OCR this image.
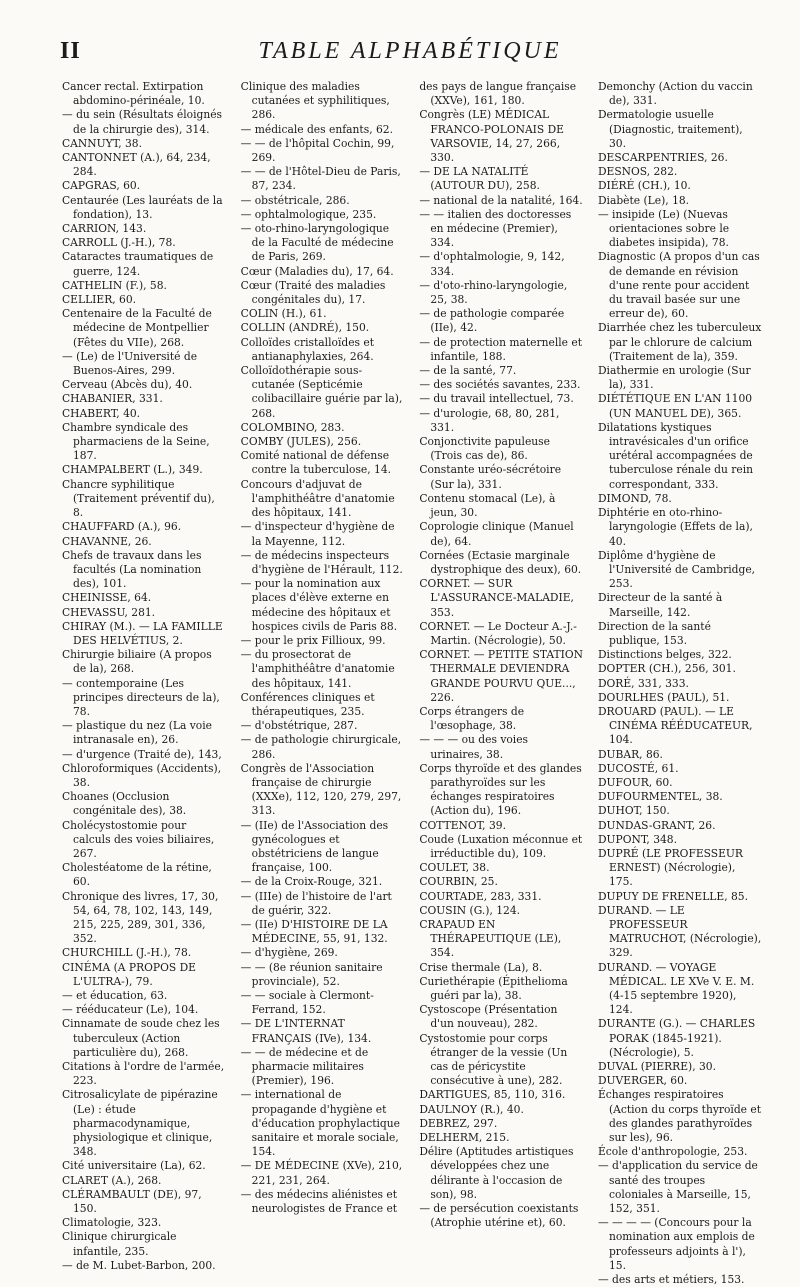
II	TABLE ALPHABÉTIQUE
Cancer rectal. Extirpation abdomino-périnéale, 10.
— du sein (Résultats éloignés de la chirurgie des), 314.
CANNUYT, 38.
CANTONNET (A.), 64, 234, 284.
CAPGRAS, 60.
Centaurée (Les lauréats de la fondation), 13.
CARRION, 143.
CARROLL (J.-H.), 78.
Cataractes traumatiques de guerre, 124.
CATHELIN (F.), 58.
CELLIER, 60.
Centenaire de la Faculté de médecine de Montpellier (Fêtes du VIIe), 268.
— (Le) de l'Université de Buenos-Aires, 299.
Cerveau (Abcès du), 40.
CHABANIER, 331.
CHABERT, 40.
Chambre syndicale des pharmaciens de la Seine, 187.
CHAMPALBERT (L.), 349.
Chancre syphilitique (Traitement préventif du), 8.
CHAUFFARD (A.), 96.
CHAVANNE, 26.
Chefs de travaux dans les facultés (La nomination des), 101.
CHEINISSE, 64.
CHEVASSU, 281.
CHIRAY (M.). — LA FAMILLE DES HELVÉTIUS, 2.
Chirurgie biliaire (A propos de la), 268.
— contemporaine (Les principes directeurs de la), 78.
— plastique du nez (La voie intranasale en), 26.
— d'urgence (Traité de), 143,
Chloroformiques (Accidents), 38.
Choanes (Occlusion congénitale des), 38.
Cholécystostomie pour calculs des voies biliaires, 267.
Cholestéatome de la rétine, 60.
Chronique des livres, 17, 30, 54, 64, 78, 102, 143, 149, 215, 225, 289, 301, 336, 352.
CHURCHILL (J.-H.), 78.
CINÉMA (A PROPOS DE L'ULTRA-), 79.
— et éducation, 63.
— rééducateur (Le), 104.
Cinnamate de soude chez les tuberculeux (Action particulière du), 268.
Citations à l'ordre de l'armée, 223.
Citrosalicylate de pipérazine (Le) : étude pharmacodynamique, physiologique et clinique, 348.
Cité universitaire (La), 62.
CLARET (A.), 268.
CLÉRAMBAULT (DE), 97, 150.
Climatologie, 323.
Clinique chirurgicale infantile, 235.
— de M. Lubet-Barbon, 200.
Clinique des maladies cutanées et syphilitiques, 286.
— médicale des enfants, 62.
— — de l'hôpital Cochin, 99, 269.
— — de l'Hôtel-Dieu de Paris, 87, 234.
— obstétricale, 286.
— ophtalmologique, 235.
— oto-rhino-laryngologique de la Faculté de médecine de Paris, 269.
Cœur (Maladies du), 17, 64.
Cœur (Traité des maladies congénitales du), 17.
COLIN (H.), 61.
COLLIN (ANDRÉ), 150.
Colloïdes cristalloïdes et antianaphylaxies, 264.
Colloïdothérapie sous-cutanée (Septicémie colibacillaire guérie par la), 268.
COLOMBINO, 283.
COMBY (JULES), 256.
Comité national de défense contre la tuberculose, 14.
Concours d'adjuvat de l'amphithéâtre d'anatomie des hôpitaux, 141.
— d'inspecteur d'hygiène de la Mayenne, 112.
— de médecins inspecteurs d'hygiène de l'Hérault, 112.
— pour la nomination aux places d'élève externe en médecine des hôpitaux et hospices civils de Paris 88.
— pour le prix Fillioux, 99.
— du prosectorat de l'amphithéâtre d'anatomie des hôpitaux, 141.
Conférences cliniques et thérapeutiques, 235.
— d'obstétrique, 287.
— de pathologie chirurgicale, 286.
Congrès de l'Association française de chirurgie (XXXe), 112, 120, 279, 297, 313.
— (IIe) de l'Association des gynécologues et obstétriciens de langue française, 100.
— de la Croix-Rouge, 321.
— (IIIe) de l'histoire de l'art de guérir, 322.
— (IIe) D'HISTOIRE DE LA MÉDECINE, 55, 91, 132.
— d'hygiène, 269.
— — (8e réunion sanitaire provinciale), 52.
— — sociale à Clermont-Ferrand, 152.
— DE L'INTERNAT FRANÇAIS (IVe), 134.
— — de médecine et de pharmacie militaires (Premier), 196.
— international de propagande d'hygiène et d'éducation prophylactique sanitaire et morale sociale, 154.
— DE MÉDECINE (XVe), 210, 221, 231, 264.
— des médecins aliénistes et neurologistes de France et
des pays de langue française (XXVe), 161, 180.
Congrès (LE) MÉDICAL FRANCO-POLONAIS DE VARSOVIE, 14, 27, 266, 330.
— DE LA NATALITÉ (AUTOUR DU), 258.
— national de la natalité, 164.
— — italien des doctoresses en médecine (Premier), 334.
— d'ophtalmologie, 9, 142, 334.
— d'oto-rhino-laryngologie, 25, 38.
— de pathologie comparée (IIe), 42.
— de protection maternelle et infantile, 188.
— de la santé, 77.
— des sociétés savantes, 233.
— du travail intellectuel, 73.
— d'urologie, 68, 80, 281, 331.
Conjonctivite papuleuse (Trois cas de), 86.
Constante uréo-sécrétoire (Sur la), 331.
Contenu stomacal (Le), à jeun, 30.
Coprologie clinique (Manuel de), 64.
Cornées (Ectasie marginale dystrophique des deux), 60.
CORNET. — SUR L'ASSURANCE-MALADIE, 353.
CORNET. — Le Docteur A.-J.-Martin. (Nécrologie), 50.
CORNET. — PETITE STATION THERMALE DEVIENDRA GRANDE POURVU QUE..., 226.
Corps étrangers de l'œsophage, 38.
— — — ou des voies urinaires, 38.
Corps thyroïde et des glandes parathyroïdes sur les échanges respiratoires (Action du), 196.
COTTENOT, 39.
Coude (Luxation méconnue et irréductible du), 109.
COULET, 38.
COURBIN, 25.
COURTADE, 283, 331.
COUSIN (G.), 124.
CRAPAUD EN THÉRAPEUTIQUE (LE), 354.
Crise thermale (La), 8.
Curiethérapie (Épithelioma guéri par la), 38.
Cystoscope (Présentation d'un nouveau), 282.
Cystostomie pour corps étranger de la vessie (Un cas de péricystite consécutive à une), 282.
DARTIGUES, 85, 110, 316.
DAULNOY (R.), 40.
DEBREZ, 297.
DELHERM, 215.
Délire (Aptitudes artistiques développées chez une délirante à l'occasion de son), 98.
— de persécution coexistants (Atrophie utérine et), 60.
Demonchy (Action du vaccin de), 331.
Dermatologie usuelle (Diagnostic, traitement), 30.
DESCARPENTRIES, 26.
DESNOS, 282.
DIÉRÉ (CH.), 10.
Diabète (Le), 18.
— insipide (Le) (Nuevas orientaciones sobre le diabetes insipida), 78.
Diagnostic (A propos d'un cas de demande en révision d'une rente pour accident du travail basée sur une erreur de), 60.
Diarrhée chez les tuberculeux par le chlorure de calcium (Traitement de la), 359.
Diathermie en urologie (Sur la), 331.
DIÉTÉTIQUE EN L'AN 1100 (UN MANUEL DE), 365.
Dilatations kystiques intravésicales d'un orifice urétéral accompagnées de tuberculose rénale du rein correspondant, 333.
DIMOND, 78.
Diphtérie en oto-rhino-laryngologie (Effets de la), 40.
Diplôme d'hygiène de l'Université de Cambridge, 253.
Directeur de la santé à Marseille, 142.
Direction de la santé publique, 153.
Distinctions belges, 322.
DOPTER (CH.), 256, 301.
DORÉ, 331, 333.
DOURLHES (PAUL), 51.
DROUARD (PAUL). — LE CINÉMA RÉÉDUCATEUR, 104.
DUBAR, 86.
DUCOSTÉ, 61.
DUFOUR, 60.
DUFOURMENTEL, 38.
DUHOT, 150.
DUNDAS-GRANT, 26.
DUPONT, 348.
DUPRÉ (LE PROFESSEUR ERNEST) (Nécrologie), 175.
DUPUY DE FRENELLE, 85.
DURAND. — LE PROFESSEUR MATRUCHOT, (Nécrologie), 329.
DURAND. — VOYAGE MÉDICAL. LE XVe V. E. M. (4-15 septembre 1920), 124.
DURANTE (G.). — CHARLES PORAK (1845-1921). (Nécrologie), 5.
DUVAL (PIERRE), 30.
DUVERGER, 60.
Échanges respiratoires (Action du corps thyroïde et des glandes parathyroïdes sur les), 96.
École d'anthropologie, 253.
— d'application du service de santé des troupes coloniales à Marseille, 15, 152, 351.
— — — — (Concours pour la nomination aux emplois de professeurs adjoints à l'), 15.
— des arts et métiers, 153.
